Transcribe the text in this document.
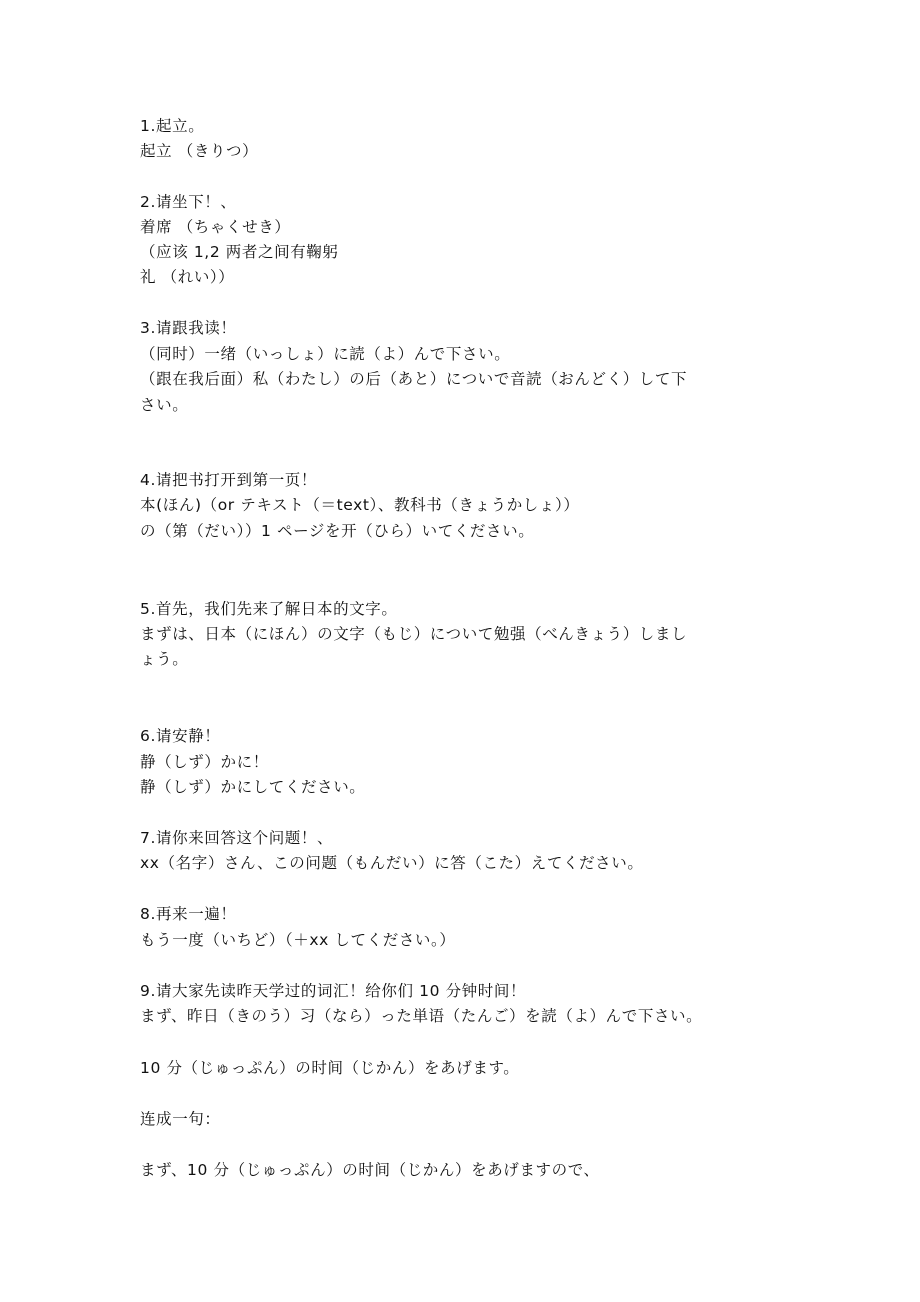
1.起立。
起立 （きりつ）
2.请坐下！、
着席 （ちゃくせき）
（应该 1,2 两者之间有鞠躬
礼 （れい））
3.请跟我读！
（同时）一绪（いっしょ）に読（よ）んで下さい。
（跟在我后面）私（わたし）の后（あと）についで音読（おんどく）して下
さい。
4.请把书打开到第一页！
本(ほん)（or テキスト（＝text）、教科书（きょうかしょ））
の（第（だい））1 ページを开（ひら）いてください。
5.首先，我们先来了解日本的文字。
まずは、日本（にほん）の文字（もじ）について勉强（べんきょう）しまし
ょう。
6.请安静！
静（しず）かに！
静（しず）かにしてください。
7.请你来回答这个问题！、
xx（名字）さん、この问题（もんだい）に答（こた）えてください。
8.再来一遍！
もう一度（いちど）（＋xx してください。）
9.请大家先读昨天学过的词汇！给你们 10 分钟时间！
まず、昨日（きのう）习（なら）った単语（たんご）を読（よ）んで下さい。
10 分（じゅっぷん）の时间（じかん）をあげます。
连成一句：
まず、10 分（じゅっぷん）の时间（じかん）をあげますので、
